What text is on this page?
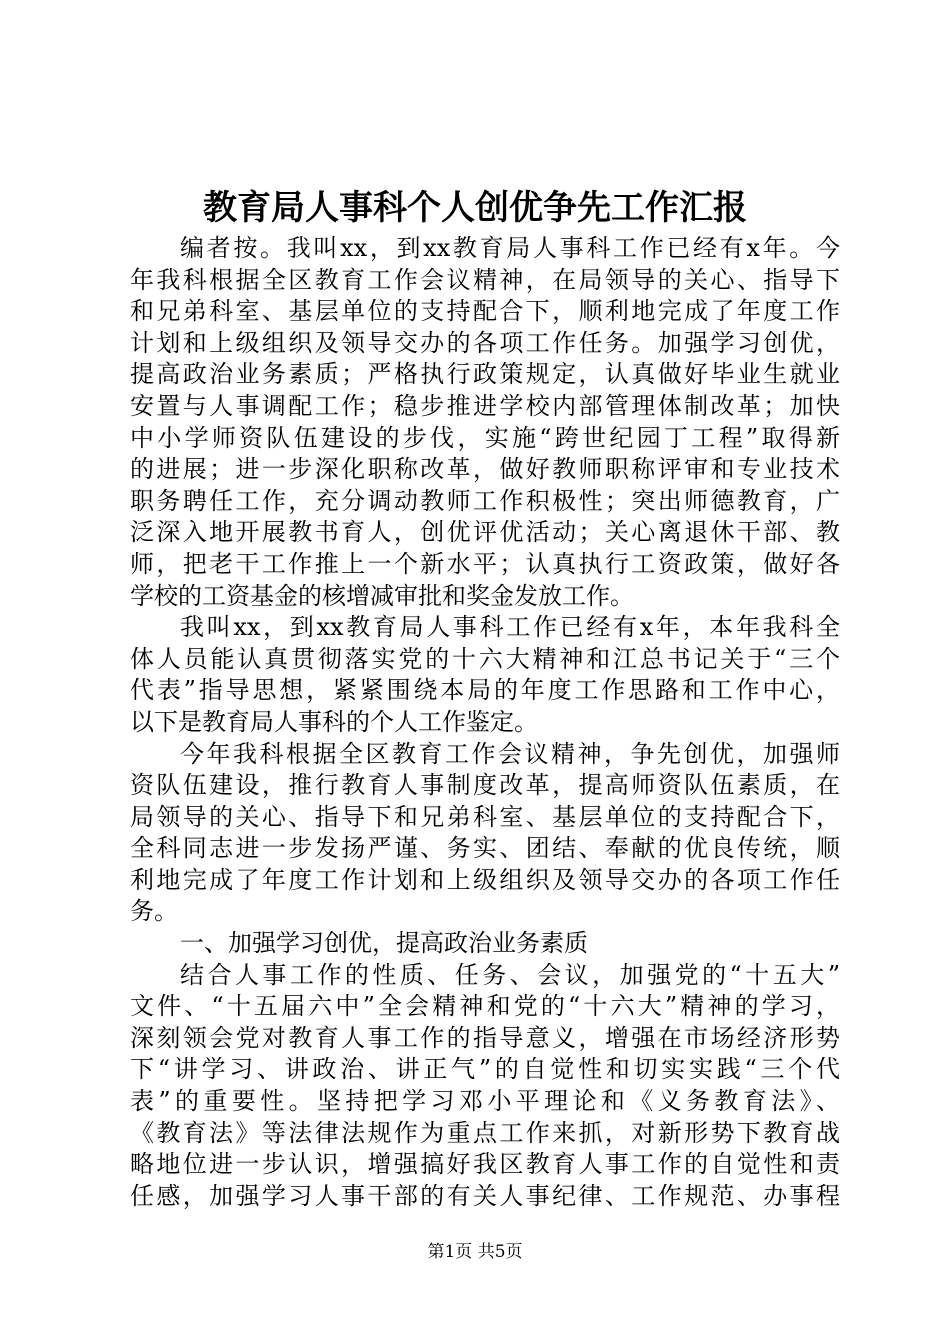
教育局人事科个人创优争先工作汇报
编者按。我叫xx，到xx教育局人事科工作已经有x年。今
年我科根据全区教育工作会议精神，在局领导的关心、指导下
和兄弟科室、基层单位的支持配合下，顺利地完成了年度工作
计划和上级组织及领导交办的各项工作任务。加强学习创优，
提高政治业务素质；严格执行政策规定，认真做好毕业生就业
安置与人事调配工作；稳步推进学校内部管理体制改革；加快
中小学师资队伍建设的步伐，实施“跨世纪园丁工程”取得新
的进展；进一步深化职称改革，做好教师职称评审和专业技术
职务聘任工作，充分调动教师工作积极性；突出师德教育，广
泛深入地开展教书育人，创优评优活动；关心离退休干部、教
师，把老干工作推上一个新水平；认真执行工资政策，做好各
学校的工资基金的核增减审批和奖金发放工作。
我叫xx，到xx教育局人事科工作已经有x年，本年我科全
体人员能认真贯彻落实党的十六大精神和江总书记关于“三个
代表”指导思想，紧紧围绕本局的年度工作思路和工作中心，
以下是教育局人事科的个人工作鉴定。
今年我科根据全区教育工作会议精神，争先创优，加强师
资队伍建设，推行教育人事制度改革，提高师资队伍素质，在
局领导的关心、指导下和兄弟科室、基层单位的支持配合下，
全科同志进一步发扬严谨、务实、团结、奉献的优良传统，顺
利地完成了年度工作计划和上级组织及领导交办的各项工作任
务。
一、加强学习创优，提高政治业务素质
结合人事工作的性质、任务、会议，加强党的“十五大”
文件、“十五届六中”全会精神和党的“十六大”精神的学习，
深刻领会党对教育人事工作的指导意义，增强在市场经济形势
下“讲学习、讲政治、讲正气”的自觉性和切实实践“三个代
表”的重要性。坚持把学习邓小平理论和《义务教育法》、
《教育法》等法律法规作为重点工作来抓，对新形势下教育战
略地位进一步认识，增强搞好我区教育人事工作的自觉性和责
任感，加强学习人事干部的有关人事纪律、工作规范、办事程
第1页 共5页
